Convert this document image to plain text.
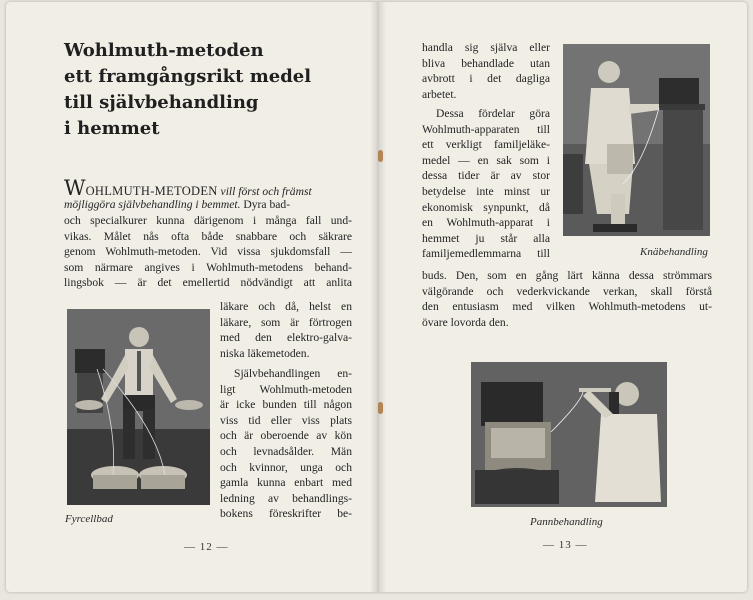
Wohlmuth-metoden
ett framgångsrikt medel
till självbehandling
i hemmet
WOHLMUTH-METODEN vill först och främst
möjliggöra självbehandling i bemmet. Dyra bad-
och specialkurer kunna därigenom i många fall und-
vikas. Målet nås ofta både snabbare och säkrare
genom Wohlmuth-metoden. Vid vissa sjukdomsfall —
som närmare angives i Wohlmuth-metodens behand-
lingsbok — är det emellertid nödvändigt att anlita
läkare och då, helst en
läkare, som är förtrogen
med den elektro-galva-
niska läkemetoden.
Självbehandlingen en-
ligt Wohlmuth-metoden
är icke bunden till någon
viss tid eller viss plats
och är oberoende av kön
och levnadsålder. Män
och kvinnor, unga och
gamla kunna enbart med
ledning av behandlings-
bokens föreskrifter be-
Fyrcellbad
— 12 —
handla sig själva eller
bliva behandlade utan
avbrott i det dagliga
arbetet.
Dessa fördelar göra
Wohlmuth-apparaten till
ett verkligt familjeläke-
medel — en sak som i
dessa tider är av stor
betydelse inte minst ur
ekonomisk synpunkt, då
en Wohlmuth-apparat i
hemmet ju står alla
familjemedlemmarna till
buds. Den, som en gång lärt känna dessa strömmars
välgörande och vederkvickande verkan, skall förstå
den entusiasm med vilken Wohlmuth-metodens ut-
övare lovorda den.
Knäbehandling
Pannbehandling
— 13 —
